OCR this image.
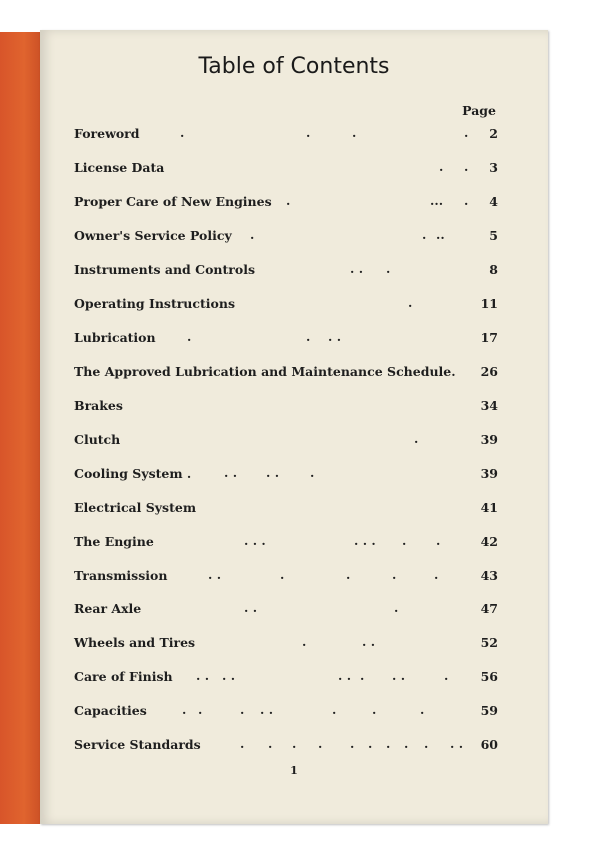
Table of Contents
Page
Foreword	.	.	.	. 2
License Data	. . 3
Proper Care of New Engines .	... . 4
Owner's Service Policy .	. ..	5
Instruments and Controls	. . .	8
Operating Instructions	.	11
Lubrication	.	. . .	17
The Approved Lubrication and Maintenance Schedule. 26
Brakes	34
Clutch	.	39
Cooling System .	. . . . .	39
Electrical System	41
The Engine	. . .	. . . . .	42
Transmission	. .	.	.	.	.	43
Rear Axle	. .	.	47
Wheels and Tires	.	. .	52
Care of Finish . . . .	. . . . .	.	56
Capacities	. .	. . .	.	.	.	59
Service Standards	. . . . . . . . . . . 60
1
